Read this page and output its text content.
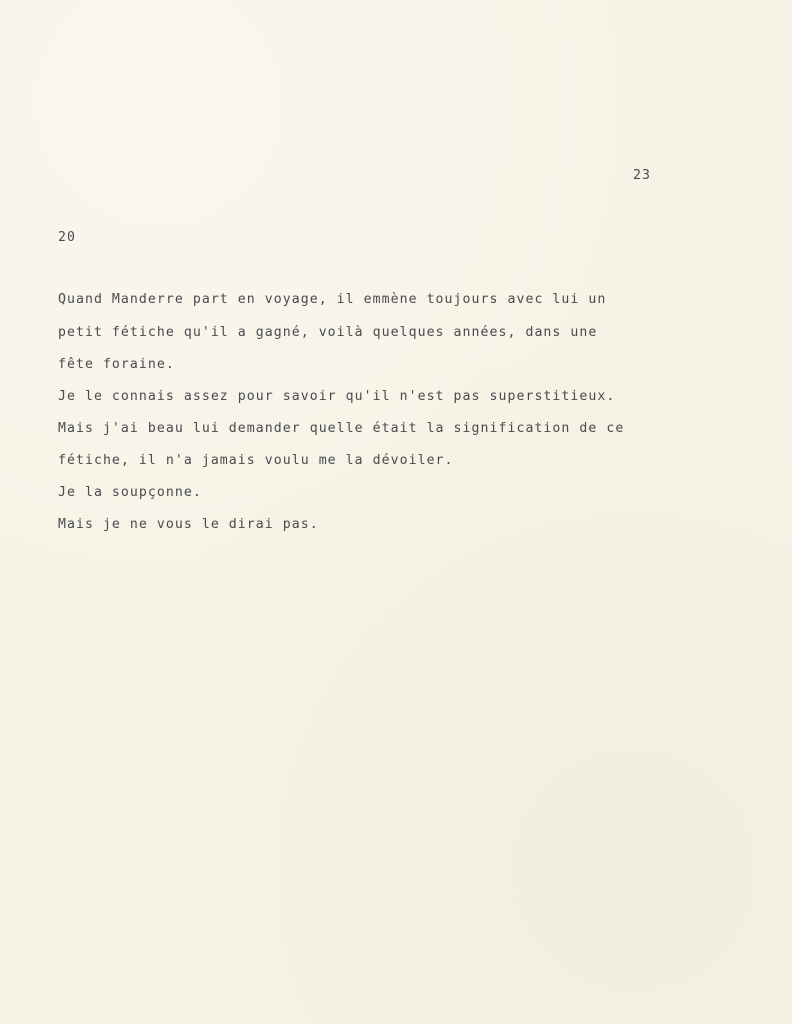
23
20

Quand Manderre part en voyage, il emmène toujours avec lui un

petit fétiche qu'il a gagné, voilà quelques années, dans une

fête foraine.

Je le connais assez pour savoir qu'il n'est pas superstitieux.

Mais j'ai beau lui demander quelle était la signification de ce

fétiche, il n'a jamais voulu me la dévoiler.

Je la soupçonne.

Mais je ne vous le dirai pas.
